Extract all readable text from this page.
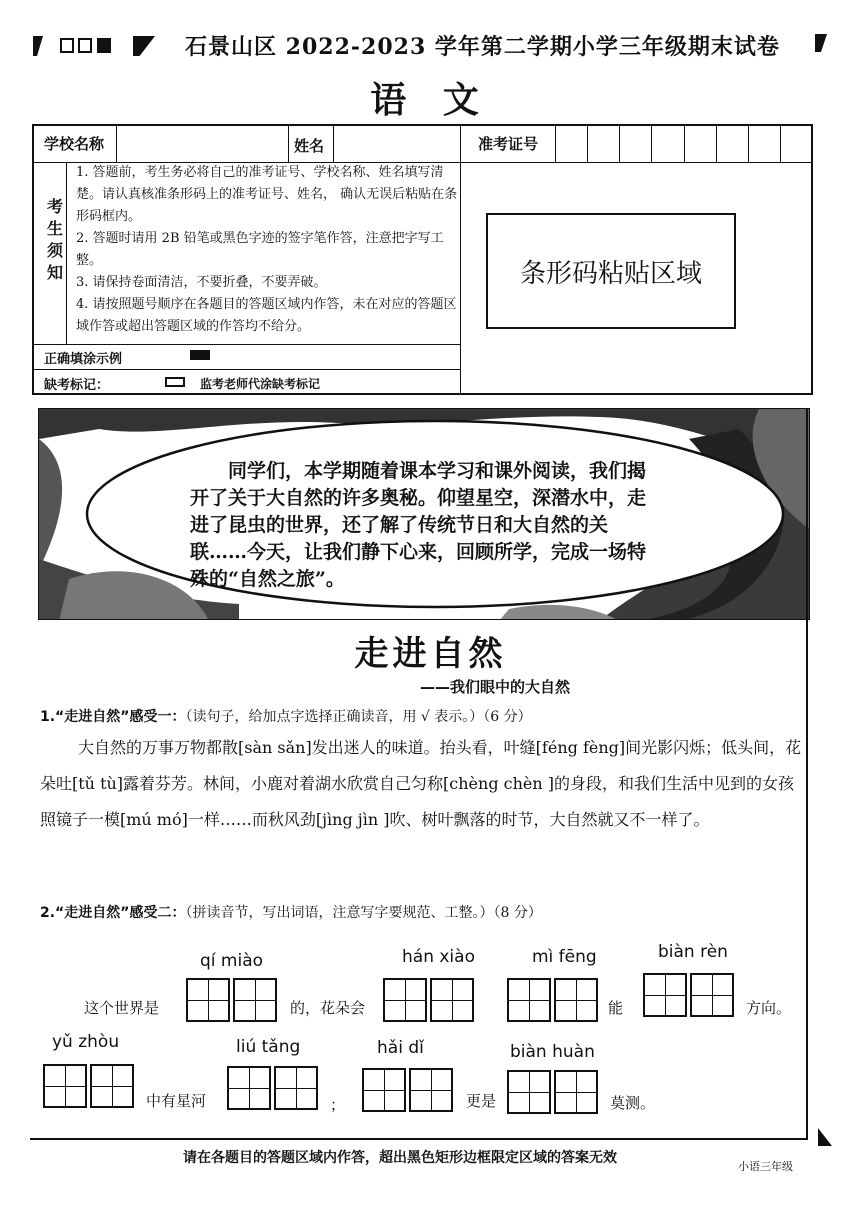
石景山区 2022-2023 学年第二学期小学三年级期末试卷
语 文
学校名称	姓名	准考证号
考生须知

1. 答题前，考生务必将自己的准考证号、学校名称、姓名填写清楚。请认真核准条形码上的准考证号、姓名， 确认无误后粘贴在条形码框内。

2. 答题时请用 2B 铅笔或黑色字迹的签字笔作答，注意把字写工整。

3. 请保持卷面清洁，不要折叠，不要弄破。

4. 请按照题号顺序在各题目的答题区域内作答，未在对应的答题区域作答或超出答题区域的作答均不给分。

正确填涂示例
缺考标记：	监考老师代涂缺考标记
条形码粘贴区域

同学们，本学期随着课本学习和课外阅读，我们揭开了关于大自然的许多奥秘。仰望星空，深潜水中，走进了昆虫的世界，还了解了传统节日和大自然的关联……今天，让我们静下心来，回顾所学，完成一场特殊的“自然之旅”。

走进自然
——我们眼中的大自然
1.“走进自然”感受一：（读句子，给加点字选择正确读音，用 √ 表示。）（6 分）

大自然的万事万物都散[sàn sǎn]发出迷人的味道。抬头看，叶缝[féng fèng]间光影闪烁；低头间，花朵吐[tǔ tù]露着芬芳。林间，小鹿对着湖水欣赏自己匀称[chèng chèn ]的身段，和我们生活中见到的女孩照镜子一模[mú mó]一样……而秋风劲[jìng jìn ]吹、树叶飘落的时节，大自然就又不一样了。

2.“走进自然”感受二：（拼读音节，写出词语，注意写字要规范、工整。）（8 分）
qí miào	hán xiào	mì fēng	biàn rèn
这个世界是	的，花朵会	能	方向。
yǔ zhòu	liú tǎng	hǎi dǐ	biàn huàn
中有星河	；	更是	莫测。
请在各题目的答题区域内作答，超出黑色矩形边框限定区域的答案无效
小语三年级
